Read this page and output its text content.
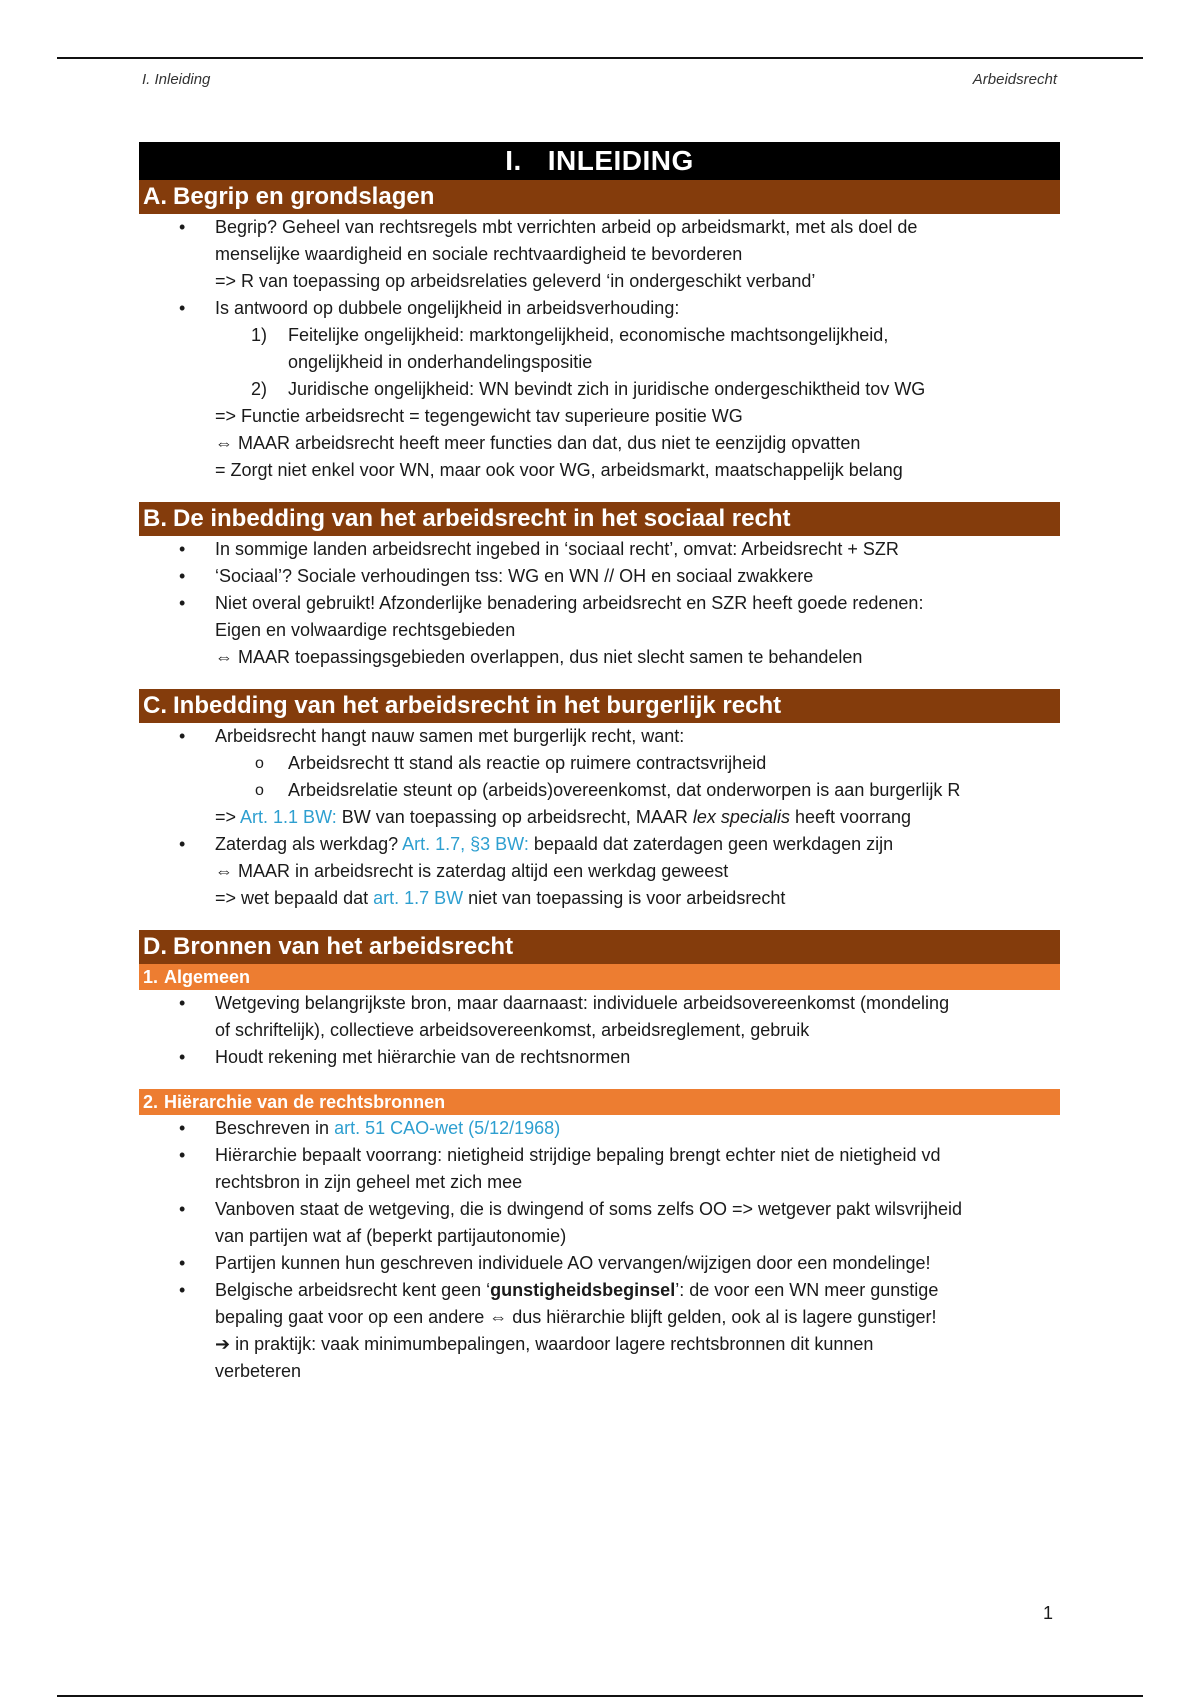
I. Inleiding	Arbeidsrecht
I. INLEIDING
A. Begrip en grondslagen
• Begrip? Geheel van rechtsregels mbt verrichten arbeid op arbeidsmarkt, met als doel de
menselijke waardigheid en sociale rechtvaardigheid te bevorderen
=> R van toepassing op arbeidsrelaties geleverd ‘in ondergeschikt verband’
• Is antwoord op dubbele ongelijkheid in arbeidsverhouding:
1) Feitelijke ongelijkheid: marktongelijkheid, economische machtsongelijkheid,
ongelijkheid in onderhandelingspositie
2) Juridische ongelijkheid: WN bevindt zich in juridische ondergeschiktheid tov WG
=> Functie arbeidsrecht = tegengewicht tav superieure positie WG
⇔ MAAR arbeidsrecht heeft meer functies dan dat, dus niet te eenzijdig opvatten
= Zorgt niet enkel voor WN, maar ook voor WG, arbeidsmarkt, maatschappelijk belang
B. De inbedding van het arbeidsrecht in het sociaal recht
• In sommige landen arbeidsrecht ingebed in ‘sociaal recht’, omvat: Arbeidsrecht + SZR
• ‘Sociaal’? Sociale verhoudingen tss: WG en WN // OH en sociaal zwakkere
• Niet overal gebruikt! Afzonderlijke benadering arbeidsrecht en SZR heeft goede redenen:
Eigen en volwaardige rechtsgebieden
⇔ MAAR toepassingsgebieden overlappen, dus niet slecht samen te behandelen
C. Inbedding van het arbeidsrecht in het burgerlijk recht
• Arbeidsrecht hangt nauw samen met burgerlijk recht, want:
o Arbeidsrecht tt stand als reactie op ruimere contractsvrijheid
o Arbeidsrelatie steunt op (arbeids)overeenkomst, dat onderworpen is aan burgerlijk R
=> Art. 1.1 BW: BW van toepassing op arbeidsrecht, MAAR lex specialis heeft voorrang
• Zaterdag als werkdag? Art. 1.7, §3 BW: bepaald dat zaterdagen geen werkdagen zijn
⇔ MAAR in arbeidsrecht is zaterdag altijd een werkdag geweest
=> wet bepaald dat art. 1.7 BW niet van toepassing is voor arbeidsrecht
D. Bronnen van het arbeidsrecht
1. Algemeen
• Wetgeving belangrijkste bron, maar daarnaast: individuele arbeidsovereenkomst (mondeling
of schriftelijk), collectieve arbeidsovereenkomst, arbeidsreglement, gebruik
• Houdt rekening met hiërarchie van de rechtsnormen
2. Hiërarchie van de rechtsbronnen
• Beschreven in art. 51 CAO-wet (5/12/1968)
• Hiërarchie bepaalt voorrang: nietigheid strijdige bepaling brengt echter niet de nietigheid vd
rechtsbron in zijn geheel met zich mee
• Vanboven staat de wetgeving, die is dwingend of soms zelfs OO => wetgever pakt wilsvrijheid
van partijen wat af (beperkt partijautonomie)
• Partijen kunnen hun geschreven individuele AO vervangen/wijzigen door een mondelinge!
• Belgische arbeidsrecht kent geen ‘gunstigheidsbeginsel’: de voor een WN meer gunstige
bepaling gaat voor op een andere ⇔ dus hiërarchie blijft gelden, ook al is lagere gunstiger!
➔ in praktijk: vaak minimumbepalingen, waardoor lagere rechtsbronnen dit kunnen
verbeteren
1
